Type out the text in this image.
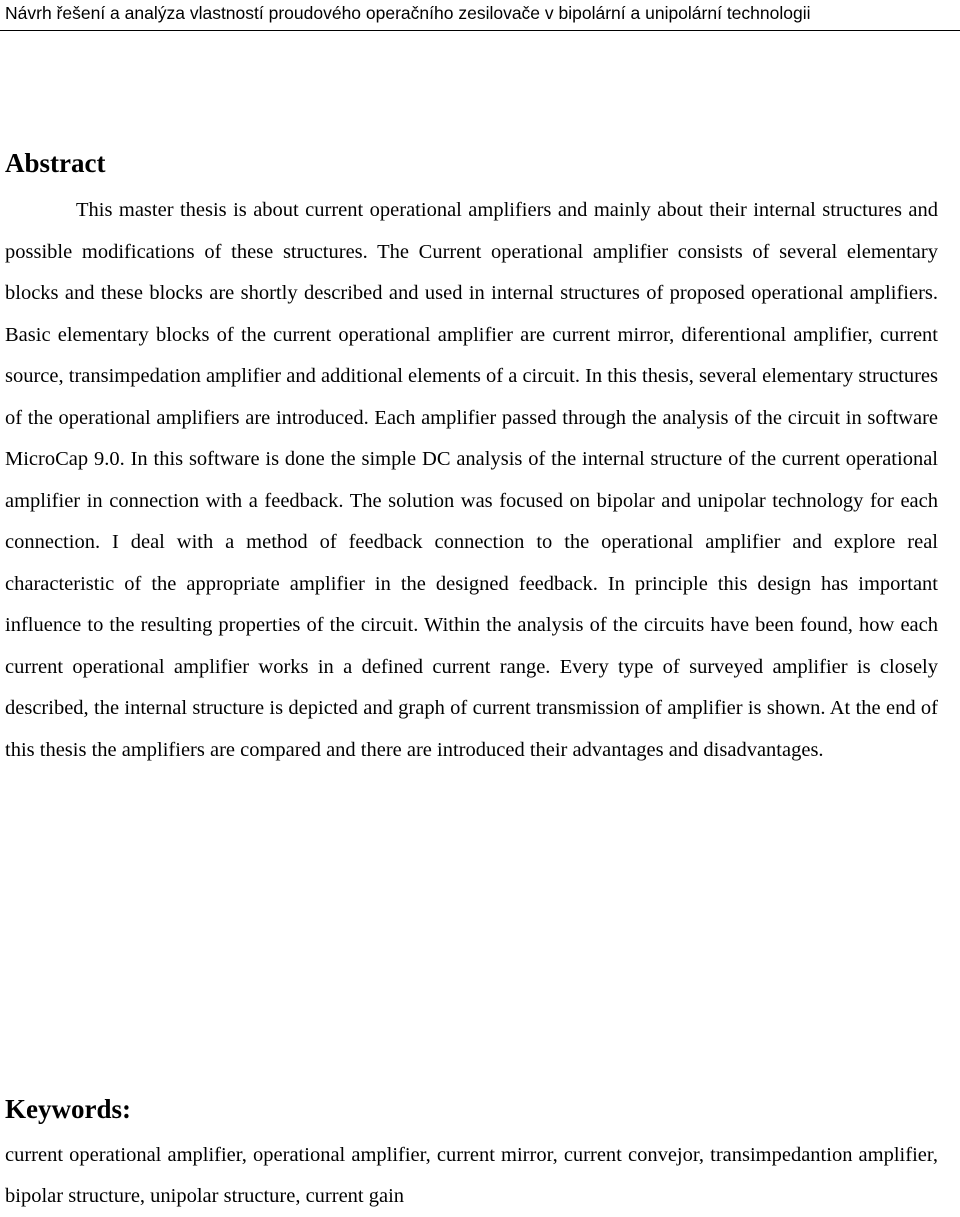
Návrh řešení a analýza vlastností proudového operačního zesilovače v bipolární a unipolární technologii
Abstract

This master thesis is about current operational amplifiers and mainly about their internal structures and possible modifications of these structures. The Current operational amplifier consists of several elementary blocks and these blocks are shortly described and used in internal structures of proposed operational amplifiers. Basic elementary blocks of the current operational amplifier are current mirror, diferentional amplifier, current source, transimpedation amplifier and additional elements of a circuit. In this thesis, several elementary structures of the operational amplifiers are introduced. Each amplifier passed through the analysis of the circuit in software MicroCap 9.0. In this software is done the simple DC analysis of the internal structure of the current operational amplifier in connection with a feedback. The solution was focused on bipolar and unipolar technology for each connection. I deal with a method of feedback connection to the operational amplifier and explore real characteristic of the appropriate amplifier in the designed feedback. In principle this design has important influence to the resulting properties of the circuit. Within the analysis of the circuits have been found, how each current operational amplifier works in a defined current range. Every type of surveyed amplifier is closely described, the internal structure is depicted and graph of current transmission of amplifier is shown. At the end of this thesis the amplifiers are compared and there are introduced their advantages and disadvantages.

Keywords:

current operational amplifier, operational amplifier, current mirror, current convejor, transimpedantion amplifier, bipolar structure, unipolar structure, current gain
